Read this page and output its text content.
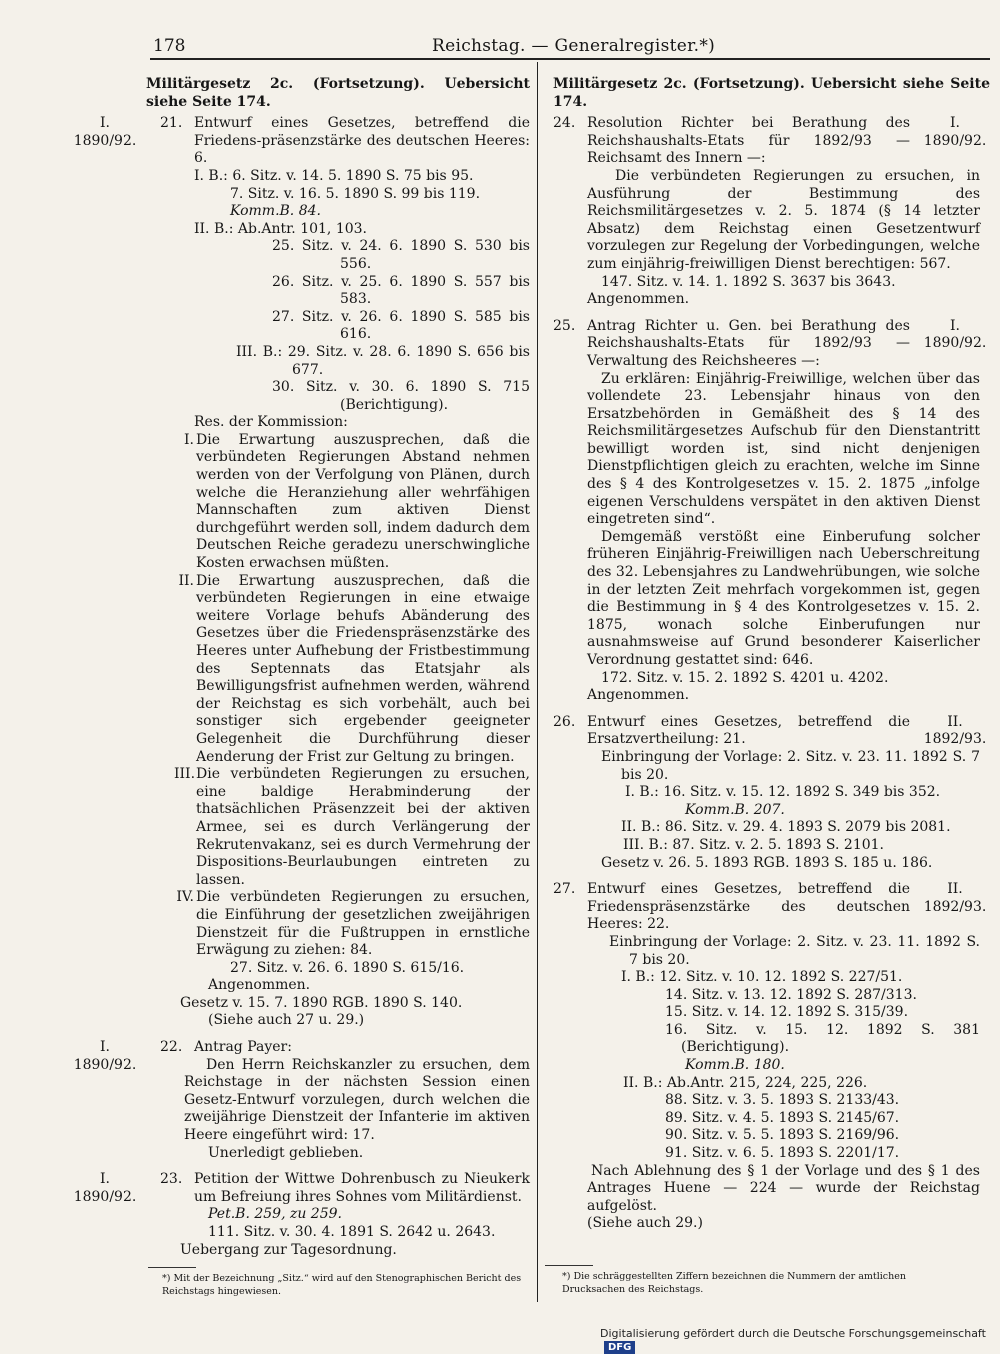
178	Reichstag. — Generalregister.*)
Militärgesetz 2c. (Fortsetzung). Uebersicht siehe Seite 174.
I.
1890/92.
21. Entwurf eines Gesetzes, betreffend die Friedens-präsenzstärke des deutschen Heeres: 6.
I. B.: 6. Sitz. v. 14. 5. 1890 S. 75 bis 95.
7. Sitz. v. 16. 5. 1890 S. 99 bis 119.
Komm.B. 84.
II. B.: Ab.Antr. 101, 103.
25. Sitz. v. 24. 6. 1890 S. 530 bis 556.
26. Sitz. v. 25. 6. 1890 S. 557 bis 583.
27. Sitz. v. 26. 6. 1890 S. 585 bis 616.
III. B.: 29. Sitz. v. 28. 6. 1890 S. 656 bis 677.
30. Sitz. v. 30. 6. 1890 S. 715 (Berichtigung).
Res. der Kommission:
I. Die Erwartung auszusprechen, daß die verbündeten Regierungen Abstand nehmen werden von der Verfolgung von Plänen, durch welche die Heranziehung aller wehrfähigen Mannschaften zum aktiven Dienst durchgeführt werden soll, indem dadurch dem Deutschen Reiche geradezu unerschwingliche Kosten erwachsen müßten.
II. Die Erwartung auszusprechen, daß die verbündeten Regierungen in eine etwaige weitere Vorlage behufs Abänderung des Gesetzes über die Friedenspräsenzstärke des Heeres unter Aufhebung der Fristbestimmung des Septennats das Etatsjahr als Bewilligungsfrist aufnehmen werden, während der Reichstag es sich vorbehält, auch bei sonstiger sich ergebender geeigneter Gelegenheit die Durchführung dieser Aenderung der Frist zur Geltung zu bringen.
III. Die verbündeten Regierungen zu ersuchen, eine baldige Herabminderung der thatsächlichen Präsenzzeit bei der aktiven Armee, sei es durch Verlängerung der Rekrutenvakanz, sei es durch Vermehrung der Dispositions-Beurlaubungen eintreten zu lassen.
IV. Die verbündeten Regierungen zu ersuchen, die Einführung der gesetzlichen zweijährigen Dienstzeit für die Fußtruppen in ernstliche Erwägung zu ziehen: 84.
27. Sitz. v. 26. 6. 1890 S. 615/16.
Angenommen.
Gesetz v. 15. 7. 1890 RGB. 1890 S. 140.
(Siehe auch 27 u. 29.)
I.
1890/92.
22. Antrag Payer:
Den Herrn Reichskanzler zu ersuchen, dem Reichstage in der nächsten Session einen Gesetz-Entwurf vorzulegen, durch welchen die zweijährige Dienstzeit der Infanterie im aktiven Heere eingeführt wird: 17.
Unerledigt geblieben.
I.
1890/92.
23. Petition der Wittwe Dohrenbusch zu Nieukerk um Befreiung ihres Sohnes vom Militärdienst.
Pet.B. 259, zu 259.
111. Sitz. v. 30. 4. 1891 S. 2642 u. 2643.
Uebergang zur Tagesordnung.
*) Mit der Bezeichnung „Sitz.“ wird auf den Stenographischen Bericht des Reichstags hingewiesen.
Militärgesetz 2c. (Fortsetzung). Uebersicht siehe Seite 174.
I.
1890/92.
24. Resolution Richter bei Berathung des Reichshaushalts-Etats für 1892/93 — Reichsamt des Innern —:
Die verbündeten Regierungen zu ersuchen, in Ausführung der Bestimmung des Reichsmilitärgesetzes v. 2. 5. 1874 (§ 14 letzter Absatz) dem Reichstag einen Gesetzentwurf vorzulegen zur Regelung der Vorbedingungen, welche zum einjährig-freiwilligen Dienst berechtigen: 567.
147. Sitz. v. 14. 1. 1892 S. 3637 bis 3643.
Angenommen.
I.
1890/92.
25. Antrag Richter u. Gen. bei Berathung des Reichshaushalts-Etats für 1892/93 — Verwaltung des Reichsheeres —:
Zu erklären: Einjährig-Freiwillige, welchen über das vollendete 23. Lebensjahr hinaus von den Ersatzbehörden in Gemäßheit des § 14 des Reichsmilitärgesetzes Aufschub für den Dienstantritt bewilligt worden ist, sind nicht denjenigen Dienstpflichtigen gleich zu erachten, welche im Sinne des § 4 des Kontrolgesetzes v. 15. 2. 1875 „infolge eigenen Verschuldens verspätet in den aktiven Dienst eingetreten sind“.
Demgemäß verstößt eine Einberufung solcher früheren Einjährig-Freiwilligen nach Ueberschreitung des 32. Lebensjahres zu Landwehrübungen, wie solche in der letzten Zeit mehrfach vorgekommen ist, gegen die Bestimmung in § 4 des Kontrolgesetzes v. 15. 2. 1875, wonach solche Einberufungen nur ausnahmsweise auf Grund besonderer Kaiserlicher Verordnung gestattet sind: 646.
172. Sitz. v. 15. 2. 1892 S. 4201 u. 4202.
Angenommen.
II.
1892/93.
26. Entwurf eines Gesetzes, betreffend die Ersatzvertheilung: 21.
Einbringung der Vorlage: 2. Sitz. v. 23. 11. 1892 S. 7 bis 20.
I. B.: 16. Sitz. v. 15. 12. 1892 S. 349 bis 352.
Komm.B. 207.
II. B.: 86. Sitz. v. 29. 4. 1893 S. 2079 bis 2081.
III. B.: 87. Sitz. v. 2. 5. 1893 S. 2101.
Gesetz v. 26. 5. 1893 RGB. 1893 S. 185 u. 186.
II.
1892/93.
27. Entwurf eines Gesetzes, betreffend die Friedenspräsenzstärke des deutschen Heeres: 22.
Einbringung der Vorlage: 2. Sitz. v. 23. 11. 1892 S. 7 bis 20.
I. B.: 12. Sitz. v. 10. 12. 1892 S. 227/51.
14. Sitz. v. 13. 12. 1892 S. 287/313.
15. Sitz. v. 14. 12. 1892 S. 315/39.
16. Sitz. v. 15. 12. 1892 S. 381 (Berichtigung).
Komm.B. 180.
II. B.: Ab.Antr. 215, 224, 225, 226.
88. Sitz. v. 3. 5. 1893 S. 2133/43.
89. Sitz. v. 4. 5. 1893 S. 2145/67.
90. Sitz. v. 5. 5. 1893 S. 2169/96.
91. Sitz. v. 6. 5. 1893 S. 2201/17.
Nach Ablehnung des § 1 der Vorlage und des § 1 des Antrages Huene — 224 — wurde der Reichstag aufgelöst.
(Siehe auch 29.)
*) Die schräggestellten Ziffern bezeichnen die Nummern der amtlichen Drucksachen des Reichstags.
Digitalisierung gefördert durch die Deutsche ForschungsgemeinschaftDFG
